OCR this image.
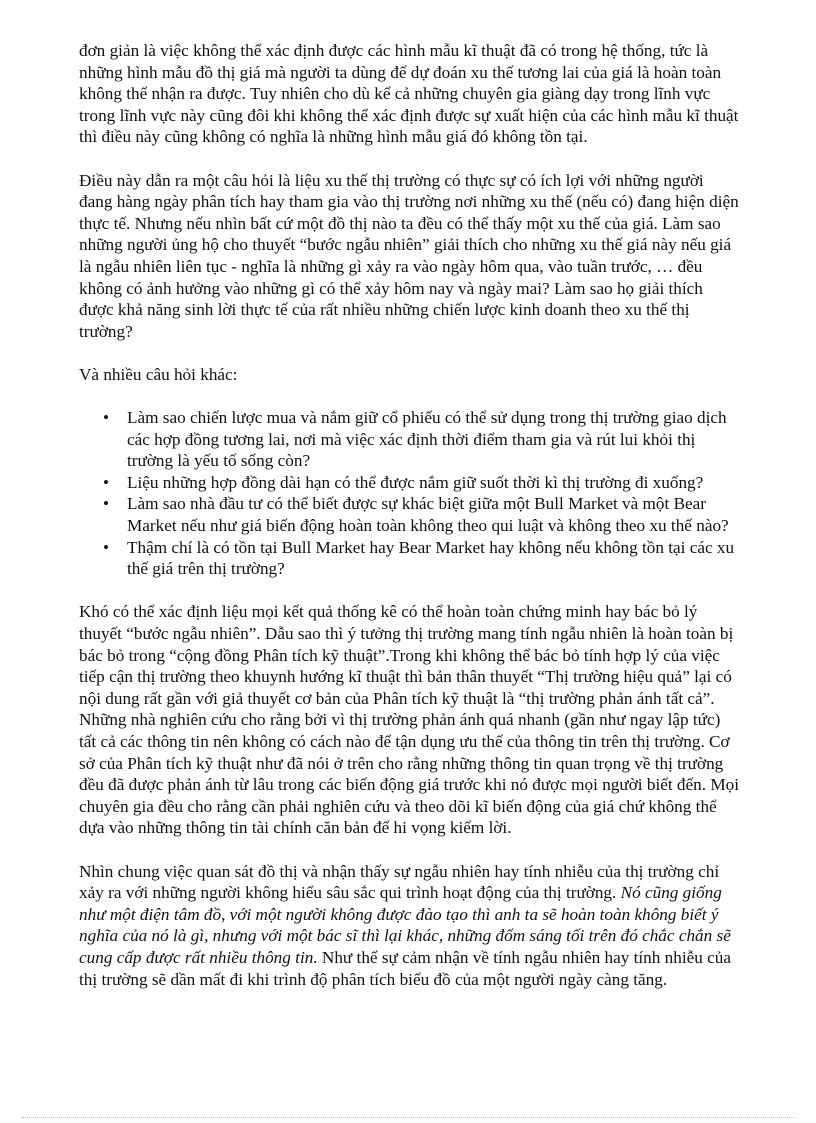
đơn giản là việc không thể xác định được các hình mẫu kĩ thuật đã có trong hệ thống, tức là những hình mẫu đồ thị giá mà người ta dùng để dự đoán xu thế tương lai của giá là hoàn toàn không thể nhận ra được. Tuy nhiên cho dù kể cả những chuyên gia giàng dạy trong lĩnh vực trong lĩnh vực này cũng đôi khi không thể xác định được sự xuất hiện của các hình mẫu kĩ thuật thì điều này cũng không có nghĩa là những hình mẫu giá đó không tồn tại.

Điều này dẫn ra một câu hỏi là liệu xu thế thị trường có thực sự có ích lợi với những người đang hàng ngày phân tích hay tham gia vào thị trường nơi những xu thế (nếu có) đang hiện diện thực tế. Nhưng nếu nhìn bất cứ một đồ thị nào ta đều có thể thấy một xu thế của giá. Làm sao những người ủng hộ cho thuyết “bước ngẫu nhiên” giải thích cho những xu thế giá này nếu giá là ngẫu nhiên liên tục - nghĩa là những gì xảy ra vào ngày hôm qua, vào tuần trước, … đều không có ảnh hưởng vào những gì có thể xảy hôm nay và ngày mai? Làm sao họ giải thích được khả năng sinh lời thực tế của rất nhiều những chiến lược kinh doanh theo xu thế thị trường?

Và nhiều câu hỏi khác:

• Làm sao chiến lược mua và nắm giữ cổ phiếu có thể sử dụng trong thị trường giao dịch các hợp đồng tương lai, nơi mà việc xác định thời điểm tham gia và rút lui khỏi thị trường là yếu tố sống còn?
• Liệu những hợp đồng dài hạn có thể được nắm giữ suốt thời kì thị trường đi xuống?
• Làm sao nhà đầu tư có thể biết được sự khác biệt giữa một Bull Market và một Bear Market nếu như giá biến động hoàn toàn không theo qui luật và không theo xu thế nào?
• Thậm chí là có tồn tại Bull Market hay Bear Market hay không nếu không tồn tại các xu thế giá trên thị trường?

Khó có thể xác định liệu mọi kết quả thống kê có thể hoàn toàn chứng minh hay bác bỏ lý thuyết “bước ngẫu nhiên”. Dẫu sao thì ý tưởng thị trường mang tính ngẫu nhiên là hoàn toàn bị bác bỏ trong “cộng đồng Phân tích kỹ thuật”.Trong khi không thể bác bỏ tính hợp lý của việc tiếp cận thị trường theo khuynh hướng kĩ thuật thì bản thân thuyết “Thị trường hiệu quả” lại có nội dung rất gần với giả thuyết cơ bản của Phân tích kỹ thuật là “thị trường phản ánh tất cả”. Những nhà nghiên cứu cho rằng bởi vì thị trường phản ánh quá nhanh (gần như ngay lập tức) tất cả các thông tin nên không có cách nào để tận dụng ưu thế của thông tin trên thị trường. Cơ sở của Phân tích kỹ thuật như đã nói ở trên cho rằng những thông tin quan trọng về thị trường đều đã được phản ánh từ lâu trong các biến động giá trước khi nó được mọi người biết đến. Mọi chuyên gia đều cho rằng cần phải nghiên cứu và theo dõi kĩ biến động của giá chứ không thể dựa vào những thông tin tài chính căn bản để hi vọng kiếm lời.

Nhìn chung việc quan sát đồ thị và nhận thấy sự ngẫu nhiên hay tính nhiễu của thị trường chỉ xảy ra với những người không hiểu sâu sắc qui trình hoạt động của thị trường. Nó cũng giống như một điện tâm đồ, với một người không được đào tạo thì anh ta sẽ hoàn toàn không biết ý nghĩa của nó là gì, nhưng với một bác sĩ thì lại khác, những đốm sáng tối trên đó chắc chắn sẽ cung cấp được rất nhiều thông tin. Như thế sự cảm nhận về tính ngẫu nhiên hay tính nhiễu của thị trường sẽ dần mất đi khi trình độ phân tích biểu đồ của một người ngày càng tăng.
